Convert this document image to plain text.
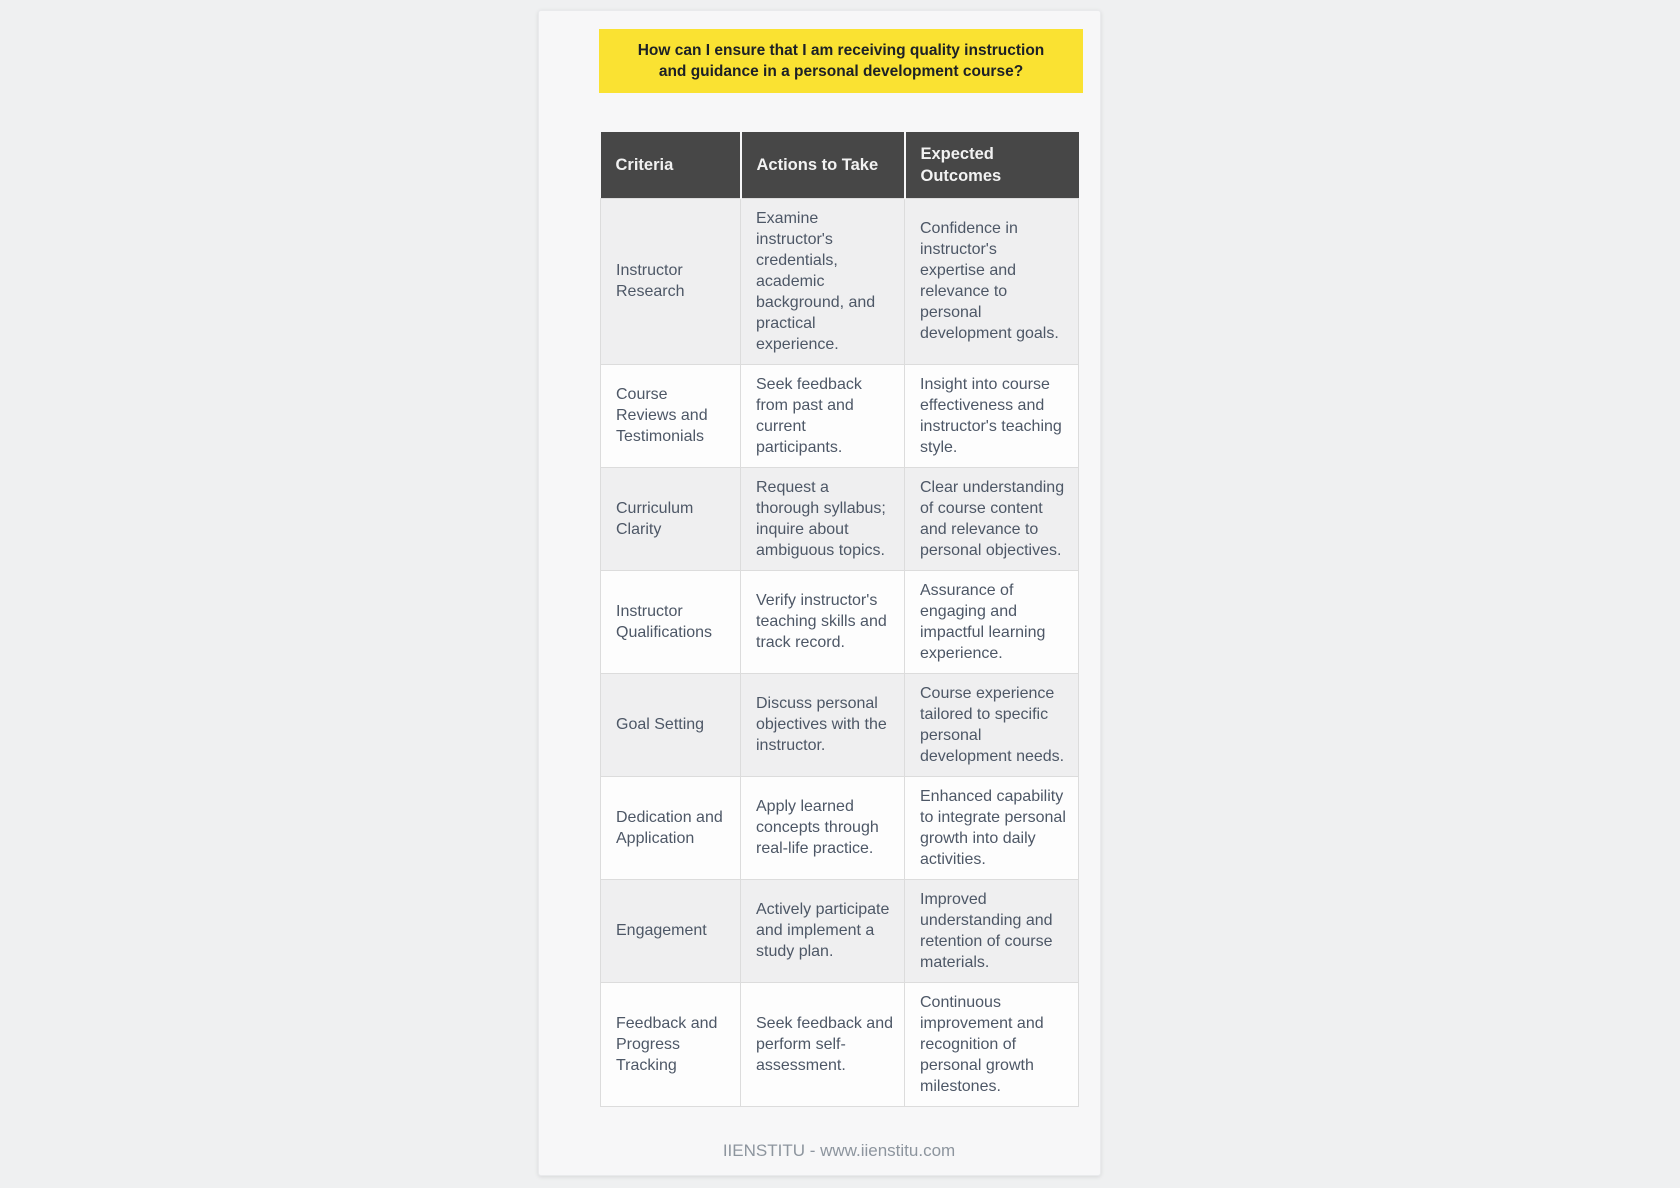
How can I ensure that I am receiving quality instruction and guidance in a personal development course?
Criteria	Actions to Take	Expected Outcomes
Instructor Research	Examine instructor's credentials, academic background, and practical experience.	Confidence in instructor's expertise and relevance to personal development goals.
Course Reviews and Testimonials	Seek feedback from past and current participants.	Insight into course effectiveness and instructor's teaching style.
Curriculum Clarity	Request a thorough syllabus; inquire about ambiguous topics.	Clear understanding of course content and relevance to personal objectives.
Instructor Qualifications	Verify instructor's teaching skills and track record.	Assurance of engaging and impactful learning experience.
Goal Setting	Discuss personal objectives with the instructor.	Course experience tailored to specific personal development needs.
Dedication and Application	Apply learned concepts through real-life practice.	Enhanced capability to integrate personal growth into daily activities.
Engagement	Actively participate and implement a study plan.	Improved understanding and retention of course materials.
Feedback and Progress Tracking	Seek feedback and perform self-assessment.	Continuous improvement and recognition of personal growth milestones.
IIENSTITU - www.iienstitu.com
